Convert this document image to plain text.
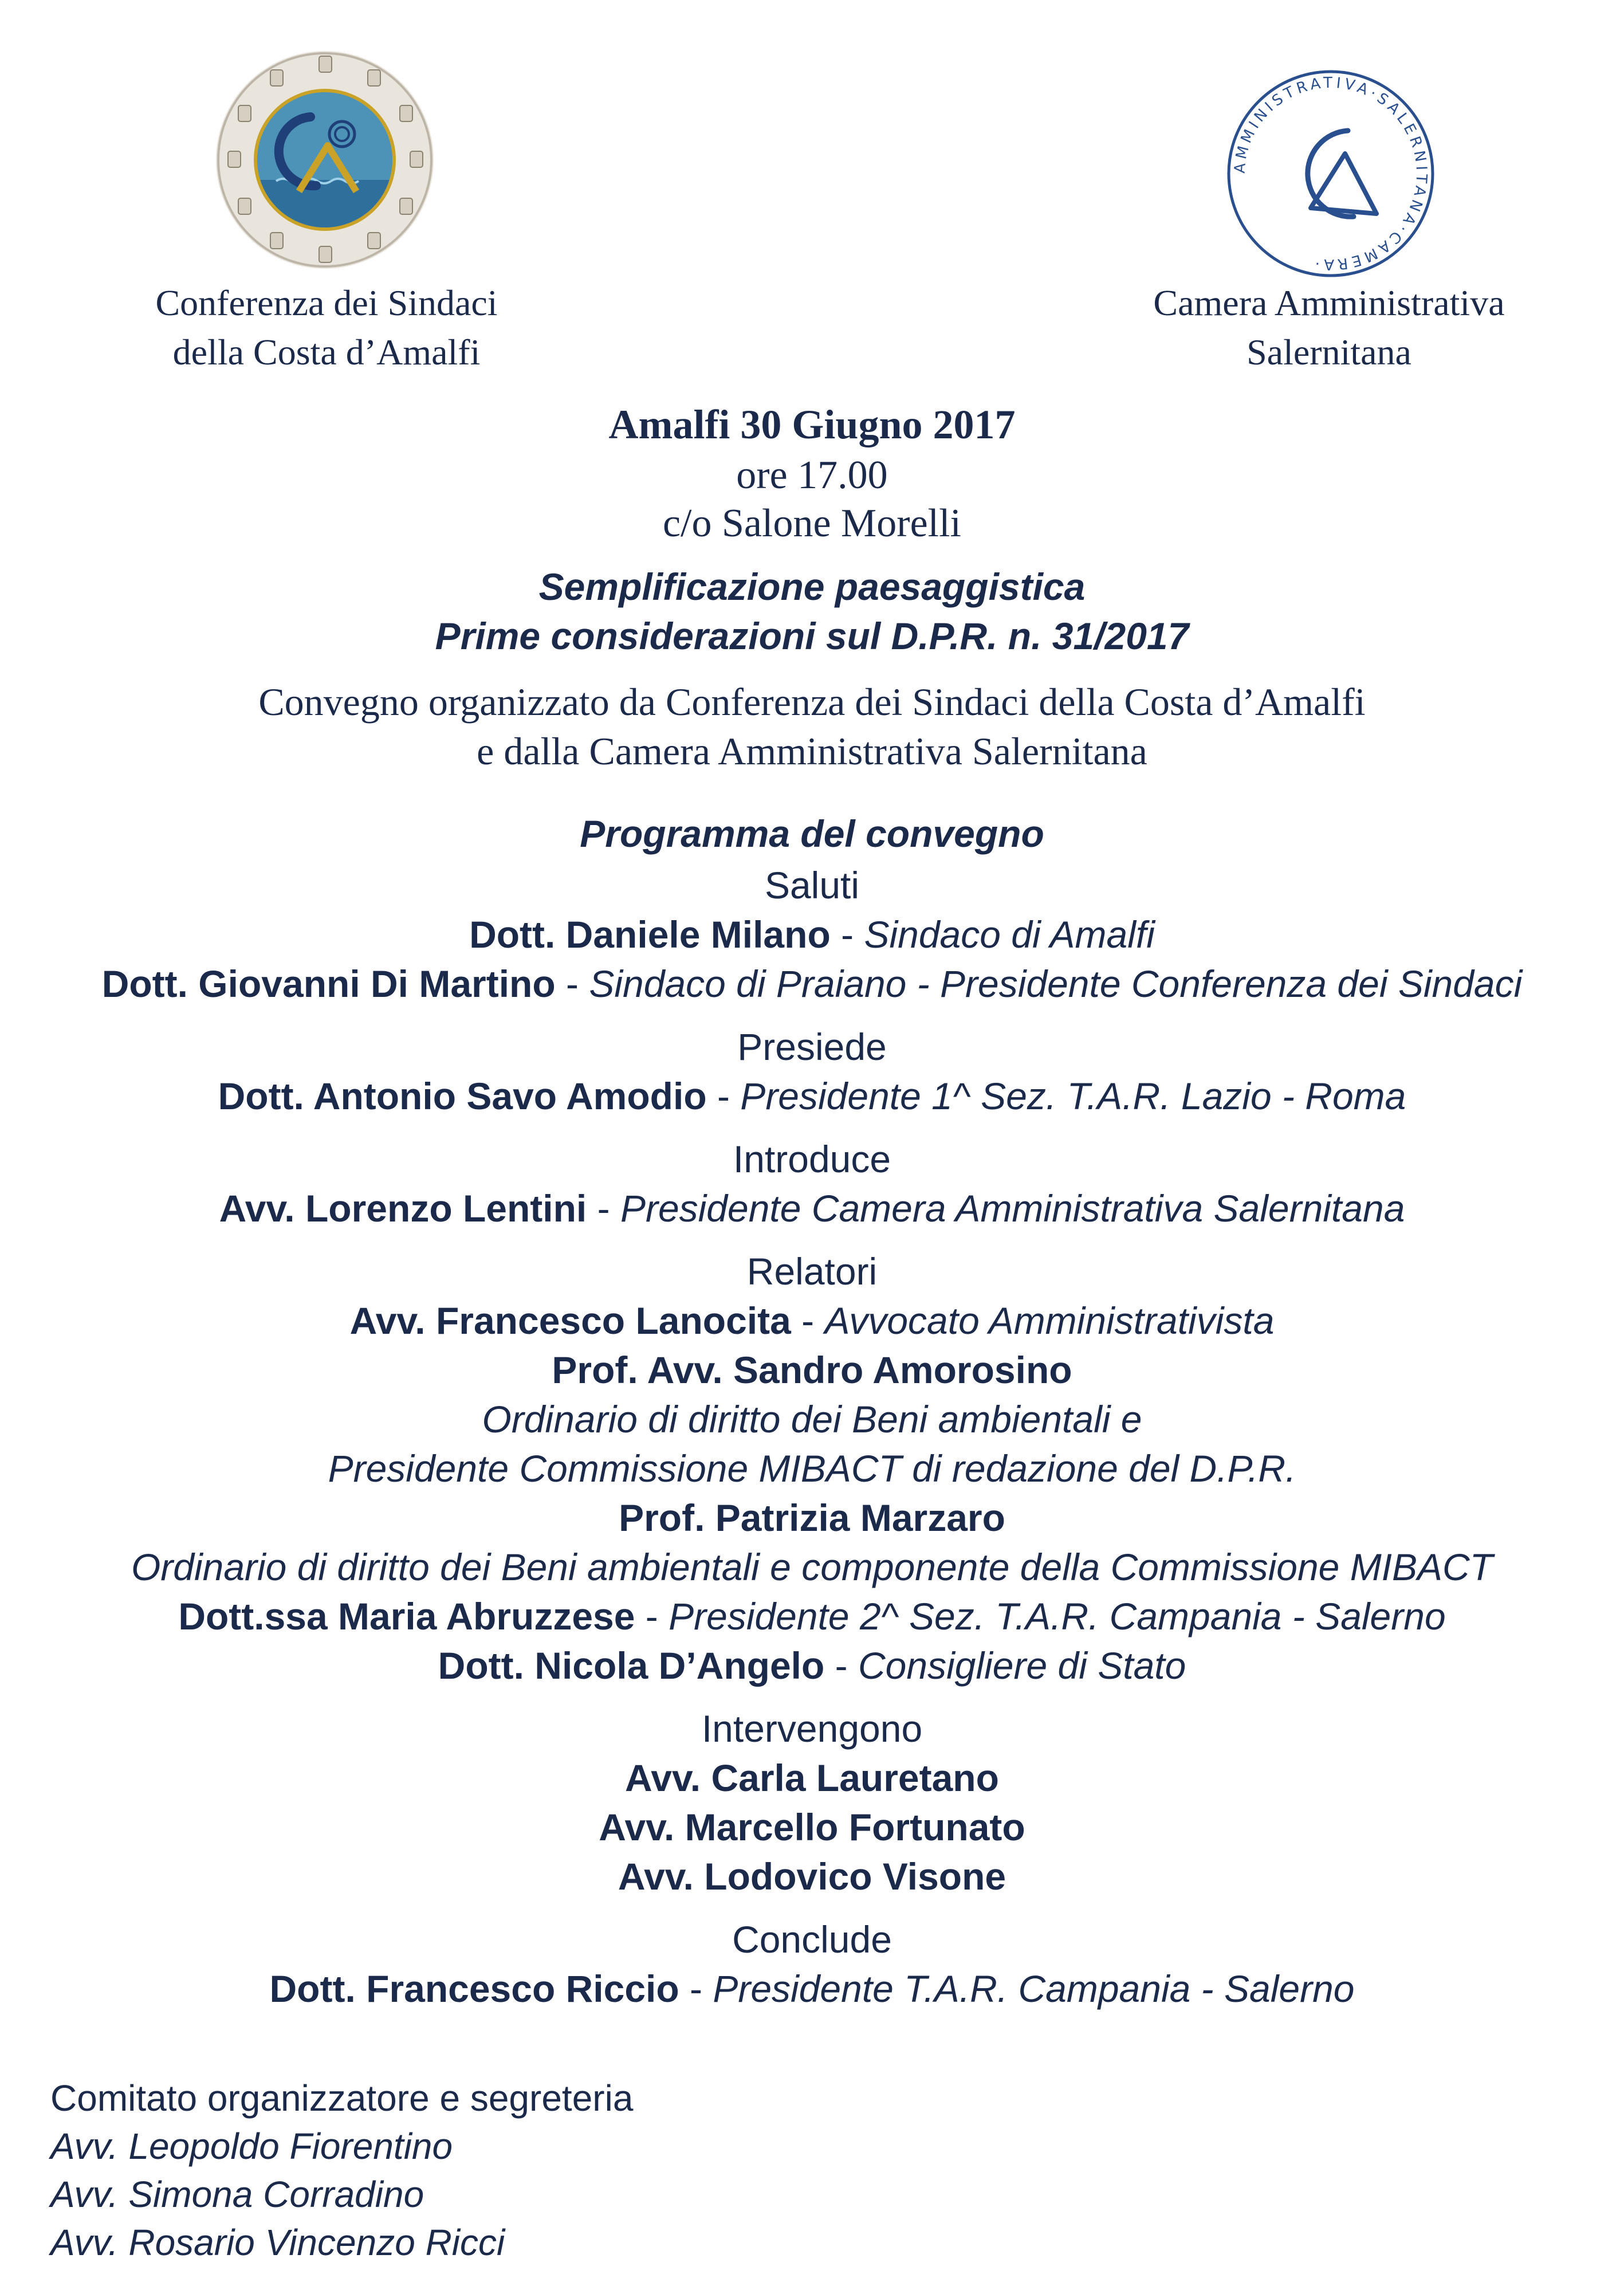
Conferenza dei Sindaci
della Costa d’Amalfi
AMMINISTRATIVA·SALERNITANA·CAMERA·
Camera Amministrativa
Salernitana
Amalfi 30 Giugno 2017
ore 17.00
c/o Salone Morelli
Semplificazione paesaggistica
Prime considerazioni sul D.P.R. n. 31/2017
Convegno organizzato da Conferenza dei Sindaci della Costa d’Amalfi
e dalla Camera Amministrativa Salernitana

Programma del convegno

Saluti

Dott. Daniele Milano - Sindaco di Amalfi

Dott. Giovanni Di Martino - Sindaco di Praiano - Presidente Conferenza dei Sindaci

Presiede

Dott. Antonio Savo Amodio - Presidente 1^ Sez. T.A.R. Lazio - Roma

Introduce

Avv. Lorenzo Lentini - Presidente Camera Amministrativa Salernitana

Relatori

Avv. Francesco Lanocita - Avvocato Amministrativista

Prof. Avv. Sandro Amorosino

Ordinario di diritto dei Beni ambientali e

Presidente Commissione MIBACT di redazione del D.P.R.

Prof. Patrizia Marzaro

Ordinario di diritto dei Beni ambientali e componente della Commissione MIBACT

Dott.ssa Maria Abruzzese - Presidente 2^ Sez. T.A.R. Campania - Salerno

Dott. Nicola D’Angelo - Consigliere di Stato

Intervengono

Avv. Carla Lauretano

Avv. Marcello Fortunato

Avv. Lodovico Visone

Conclude

Dott. Francesco Riccio - Presidente T.A.R. Campania - Salerno

Comitato organizzatore e segreteria

Avv. Leopoldo Fiorentino

Avv. Simona Corradino

Avv. Rosario Vincenzo Ricci
